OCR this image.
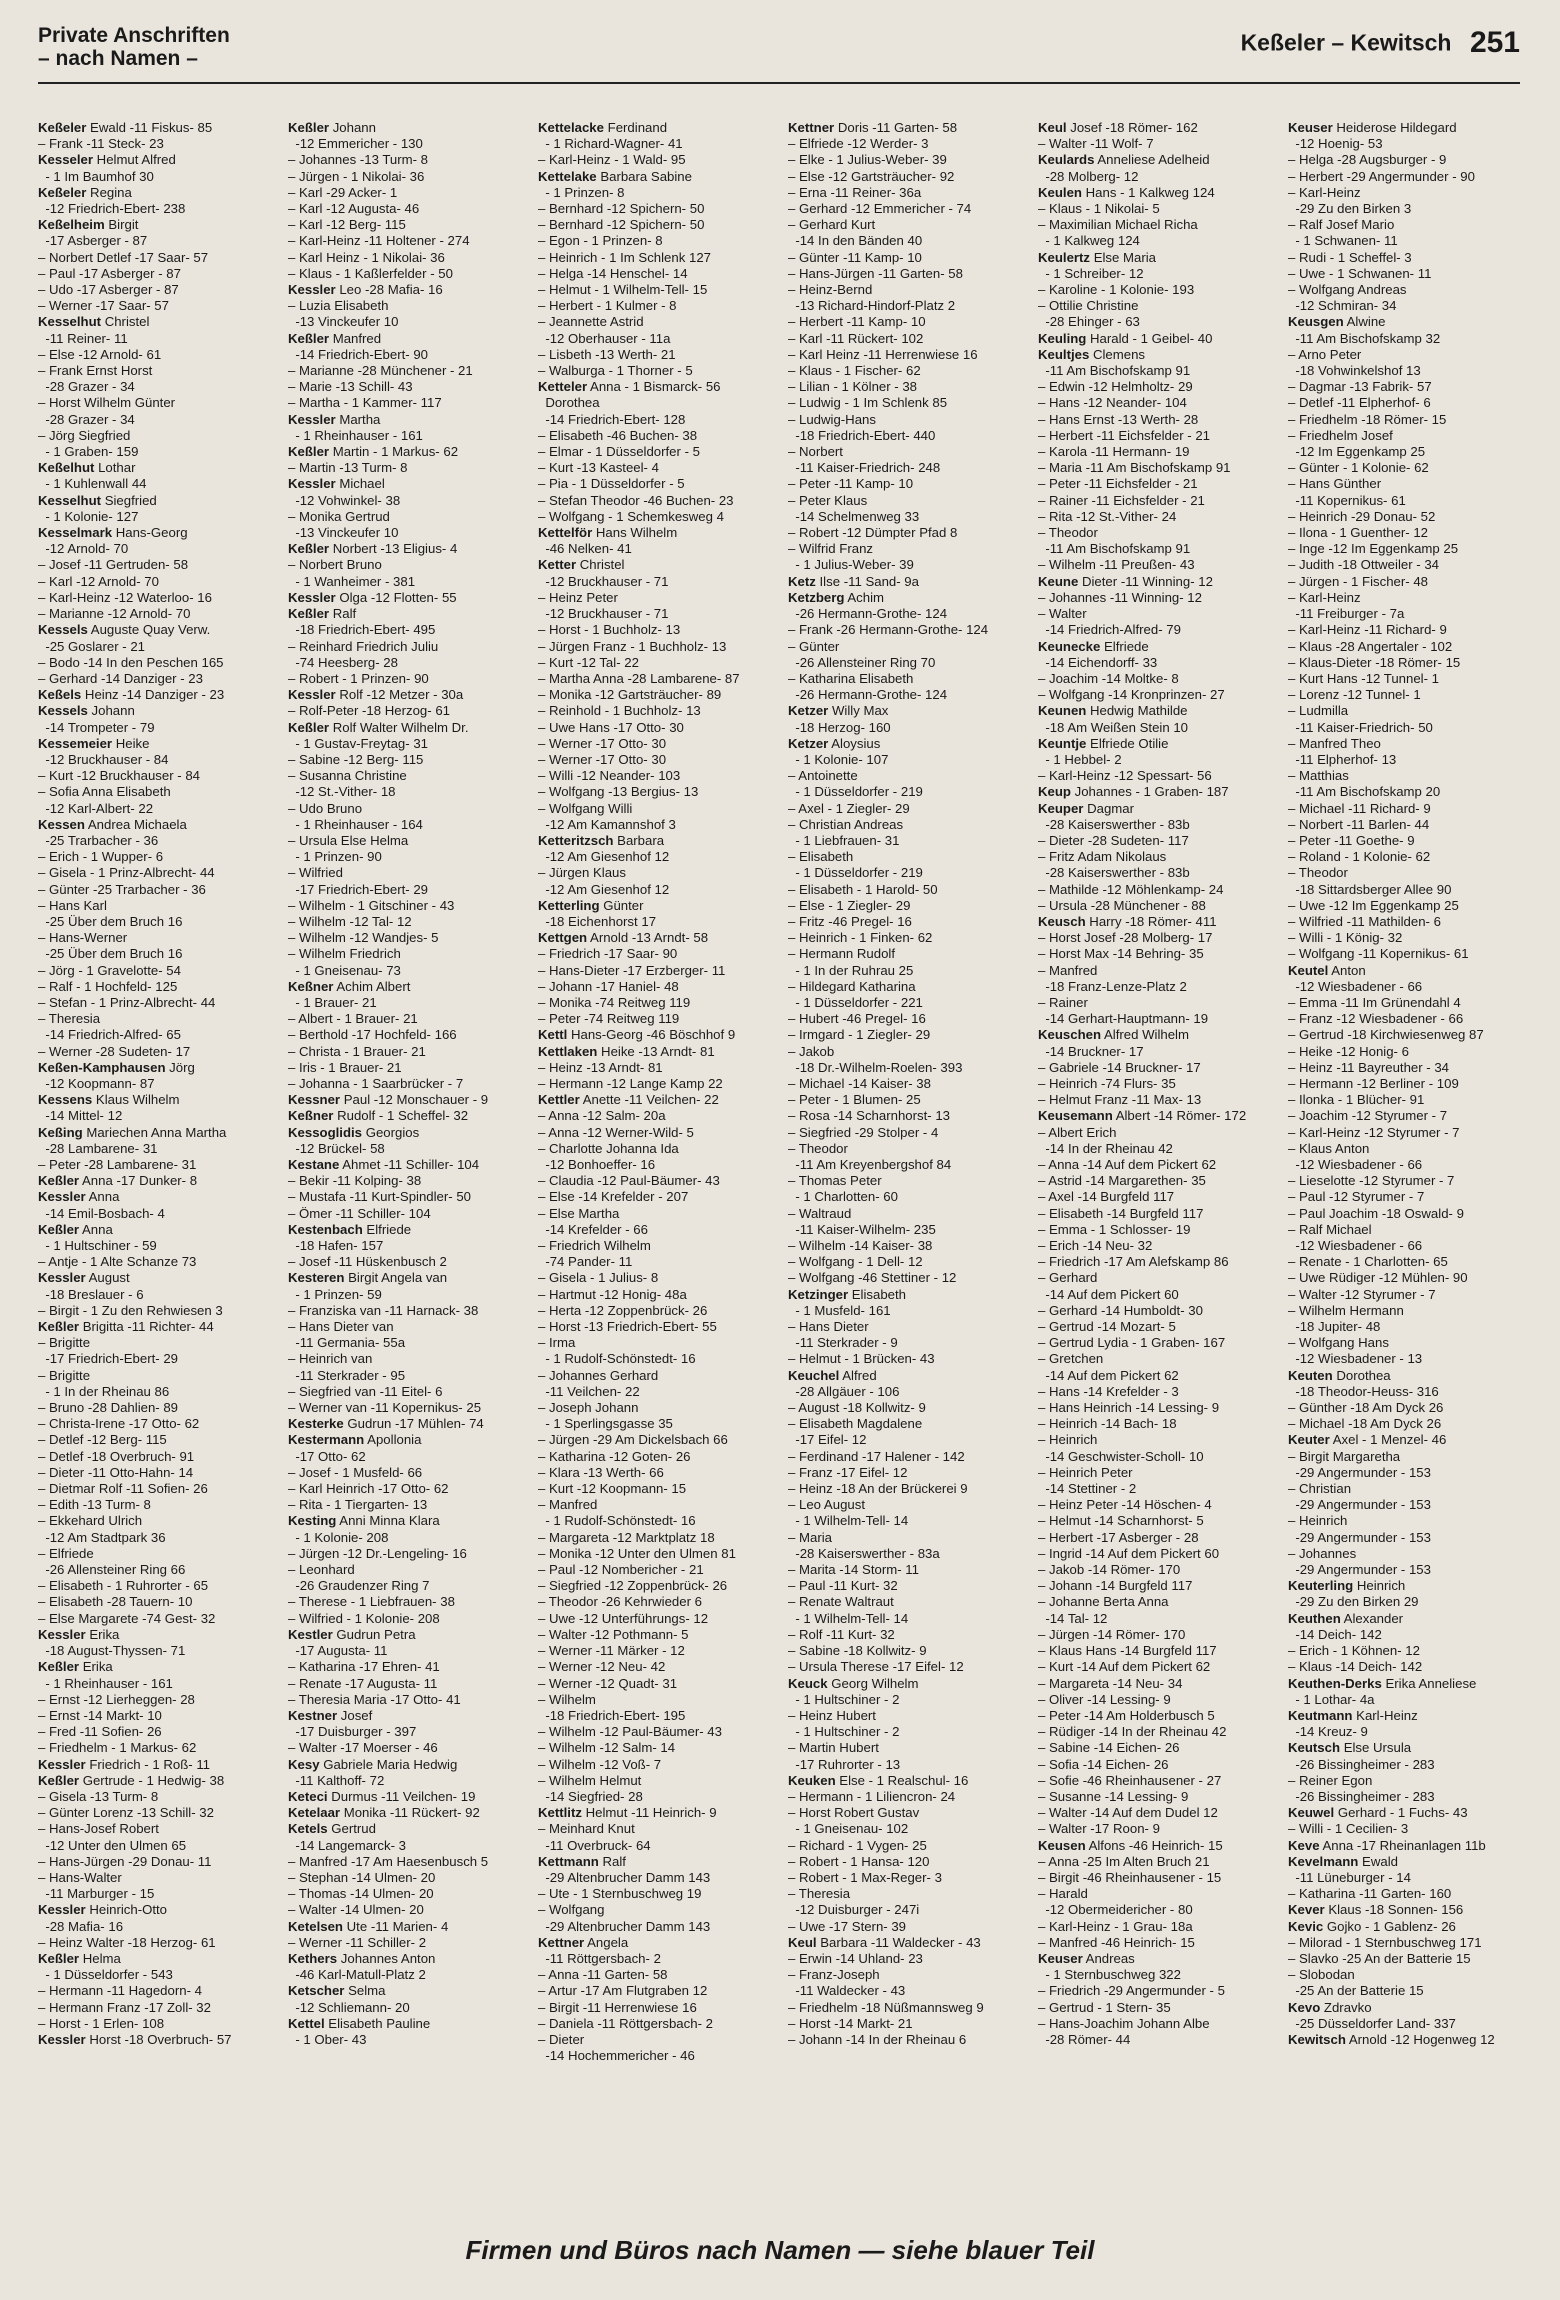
Private Anschriften
– nach Namen –
Keßeler – Kewitsch 251
Keßeler Ewald -11 Fiskus- 85
– Frank -11 Steck- 23
Kesseler Helmut Alfred
- 1 Im Baumhof 30
Keßeler Regina
-12 Friedrich-Ebert- 238
Keßelheim Birgit
-17 Asberger - 87
– Norbert Detlef -17 Saar- 57
– Paul -17 Asberger - 87
– Udo -17 Asberger - 87
– Werner -17 Saar- 57
Kesselhut Christel
-11 Reiner- 11
– Else -12 Arnold- 61
– Frank Ernst Horst
-28 Grazer - 34
– Horst Wilhelm Günter
-28 Grazer - 34
– Jörg Siegfried
- 1 Graben- 159
Keßelhut Lothar
- 1 Kuhlenwall 44
Kesselhut Siegfried
- 1 Kolonie- 127
Kesselmark Hans-Georg
-12 Arnold- 70
– Josef -11 Gertruden- 58
– Karl -12 Arnold- 70
– Karl-Heinz -12 Waterloo- 16
– Marianne -12 Arnold- 70
Kessels Auguste Quay Verw.
-25 Goslarer - 21
– Bodo -14 In den Peschen 165
– Gerhard -14 Danziger - 23
Keßels Heinz -14 Danziger - 23
Kessels Johann
-14 Trompeter - 79
Kessemeier Heike
-12 Bruckhauser - 84
– Kurt -12 Bruckhauser - 84
– Sofia Anna Elisabeth
-12 Karl-Albert- 22
Kessen Andrea Michaela
-25 Trarbacher - 36
– Erich - 1 Wupper- 6
– Gisela - 1 Prinz-Albrecht- 44
– Günter -25 Trarbacher - 36
– Hans Karl
-25 Über dem Bruch 16
– Hans-Werner
-25 Über dem Bruch 16
– Jörg - 1 Gravelotte- 54
– Ralf - 1 Hochfeld- 125
– Stefan - 1 Prinz-Albrecht- 44
– Theresia
-14 Friedrich-Alfred- 65
– Werner -28 Sudeten- 17
Keßen-Kamphausen Jörg
-12 Koopmann- 87
Kessens Klaus Wilhelm
-14 Mittel- 12
Keßing Mariechen Anna Martha
-28 Lambarene- 31
– Peter -28 Lambarene- 31
Keßler Anna -17 Dunker- 8
Kessler Anna
-14 Emil-Bosbach- 4
Keßler Anna
- 1 Hultschiner - 59
– Antje - 1 Alte Schanze 73
Kessler August
-18 Breslauer - 6
– Birgit - 1 Zu den Rehwiesen 3
Keßler Brigitta -11 Richter- 44
– Brigitte
-17 Friedrich-Ebert- 29
– Brigitte
- 1 In der Rheinau 86
– Bruno -28 Dahlien- 89
– Christa-Irene -17 Otto- 62
– Detlef -12 Berg- 115
– Detlef -18 Overbruch- 91
– Dieter -11 Otto-Hahn- 14
– Dietmar Rolf -11 Sofien- 26
– Edith -13 Turm- 8
– Ekkehard Ulrich
-12 Am Stadtpark 36
– Elfriede
-26 Allensteiner Ring 66
– Elisabeth - 1 Ruhrorter - 65
– Elisabeth -28 Tauern- 10
– Else Margarete -74 Gest- 32
Kessler Erika
-18 August-Thyssen- 71
Keßler Erika
- 1 Rheinhauser - 161
– Ernst -12 Lierheggen- 28
– Ernst -14 Markt- 10
– Fred -11 Sofien- 26
– Friedhelm - 1 Markus- 62
Kessler Friedrich - 1 Roß- 11
Keßler Gertrude - 1 Hedwig- 38
– Gisela -13 Turm- 8
– Günter Lorenz -13 Schill- 32
– Hans-Josef Robert
-12 Unter den Ulmen 65
– Hans-Jürgen -29 Donau- 11
– Hans-Walter
-11 Marburger - 15
Kessler Heinrich-Otto
-28 Mafia- 16
– Heinz Walter -18 Herzog- 61
Keßler Helma
- 1 Düsseldorfer - 543
– Hermann -11 Hagedorn- 4
– Hermann Franz -17 Zoll- 32
– Horst - 1 Erlen- 108
Kessler Horst -18 Overbruch- 57
Keßler Johann
-12 Emmericher - 130
– Johannes -13 Turm- 8
– Jürgen - 1 Nikolai- 36
– Karl -29 Acker- 1
– Karl -12 Augusta- 46
– Karl -12 Berg- 115
– Karl-Heinz -11 Holtener - 274
– Karl Heinz - 1 Nikolai- 36
– Klaus - 1 Kaßlerfelder - 50
Kessler Leo -28 Mafia- 16
– Luzia Elisabeth
-13 Vinckeufer 10
Keßler Manfred
-14 Friedrich-Ebert- 90
– Marianne -28 Münchener - 21
– Marie -13 Schill- 43
– Martha - 1 Kammer- 117
Kessler Martha
- 1 Rheinhauser - 161
Keßler Martin - 1 Markus- 62
– Martin -13 Turm- 8
Kessler Michael
-12 Vohwinkel- 38
– Monika Gertrud
-13 Vinckeufer 10
Keßler Norbert -13 Eligius- 4
– Norbert Bruno
- 1 Wanheimer - 381
Kessler Olga -12 Flotten- 55
Keßler Ralf
-18 Friedrich-Ebert- 495
– Reinhard Friedrich Juliu
-74 Heesberg- 28
– Robert - 1 Prinzen- 90
Kessler Rolf -12 Metzer - 30a
– Rolf-Peter -18 Herzog- 61
Keßler Rolf Walter Wilhelm Dr.
- 1 Gustav-Freytag- 31
– Sabine -12 Berg- 115
– Susanna Christine
-12 St.-Vither- 18
– Udo Bruno
- 1 Rheinhauser - 164
– Ursula Else Helma
- 1 Prinzen- 90
– Wilfried
-17 Friedrich-Ebert- 29
– Wilhelm - 1 Gitschiner - 43
– Wilhelm -12 Tal- 12
– Wilhelm -12 Wandjes- 5
– Wilhelm Friedrich
- 1 Gneisenau- 73
Keßner Achim Albert
- 1 Brauer- 21
– Albert - 1 Brauer- 21
– Berthold -17 Hochfeld- 166
– Christa - 1 Brauer- 21
– Iris - 1 Brauer- 21
– Johanna - 1 Saarbrücker - 7
Kessner Paul -12 Monschauer - 9
Keßner Rudolf - 1 Scheffel- 32
Kessoglidis Georgios
-12 Brückel- 58
Kestane Ahmet -11 Schiller- 104
– Bekir -11 Kolping- 38
– Mustafa -11 Kurt-Spindler- 50
– Ömer -11 Schiller- 104
Kestenbach Elfriede
-18 Hafen- 157
– Josef -11 Hüskenbusch 2
Kesteren Birgit Angela van
- 1 Prinzen- 59
– Franziska van -11 Harnack- 38
– Hans Dieter van
-11 Germania- 55a
– Heinrich van
-11 Sterkrader - 95
– Siegfried van -11 Eitel- 6
– Werner van -11 Kopernikus- 25
Kesterke Gudrun -17 Mühlen- 74
Kestermann Apollonia
-17 Otto- 62
– Josef - 1 Musfeld- 66
– Karl Heinrich -17 Otto- 62
– Rita - 1 Tiergarten- 13
Kesting Anni Minna Klara
- 1 Kolonie- 208
– Jürgen -12 Dr.-Lengeling- 16
– Leonhard
-26 Graudenzer Ring 7
– Therese - 1 Liebfrauen- 38
– Wilfried - 1 Kolonie- 208
Kestler Gudrun Petra
-17 Augusta- 11
– Katharina -17 Ehren- 41
– Renate -17 Augusta- 11
– Theresia Maria -17 Otto- 41
Kestner Josef
-17 Duisburger - 397
– Walter -17 Moerser - 46
Kesy Gabriele Maria Hedwig
-11 Kalthoff- 72
Keteci Durmus -11 Veilchen- 19
Ketelaar Monika -11 Rückert- 92
Ketels Gertrud
-14 Langemarck- 3
– Manfred -17 Am Haesenbusch 5
– Stephan -14 Ulmen- 20
– Thomas -14 Ulmen- 20
– Walter -14 Ulmen- 20
Ketelsen Ute -11 Marien- 4
– Werner -11 Schiller- 2
Kethers Johannes Anton
-46 Karl-Matull-Platz 2
Ketscher Selma
-12 Schliemann- 20
Kettel Elisabeth Pauline
- 1 Ober- 43
Kettelacke Ferdinand
- 1 Richard-Wagner- 41
– Karl-Heinz - 1 Wald- 95
Kettelake Barbara Sabine
- 1 Prinzen- 8
– Bernhard -12 Spichern- 50
– Bernhard -12 Spichern- 50
– Egon - 1 Prinzen- 8
– Heinrich - 1 Im Schlenk 127
– Helga -14 Henschel- 14
– Helmut - 1 Wilhelm-Tell- 15
– Herbert - 1 Kulmer - 8
– Jeannette Astrid
-12 Oberhauser - 11a
– Lisbeth -13 Werth- 21
– Walburga - 1 Thorner - 5
Ketteler Anna - 1 Bismarck- 56
Dorothea
-14 Friedrich-Ebert- 128
– Elisabeth -46 Buchen- 38
– Elmar - 1 Düsseldorfer - 5
– Kurt -13 Kasteel- 4
– Pia - 1 Düsseldorfer - 5
– Stefan Theodor -46 Buchen- 23
– Wolfgang - 1 Schemkesweg 4
Kettelför Hans Wilhelm
-46 Nelken- 41
Ketter Christel
-12 Bruckhauser - 71
– Heinz Peter
-12 Bruckhauser - 71
– Horst - 1 Buchholz- 13
– Jürgen Franz - 1 Buchholz- 13
– Kurt -12 Tal- 22
– Martha Anna -28 Lambarene- 87
– Monika -12 Gartsträucher- 89
– Reinhold - 1 Buchholz- 13
– Uwe Hans -17 Otto- 30
– Werner -17 Otto- 30
– Werner -17 Otto- 30
– Willi -12 Neander- 103
– Wolfgang -13 Bergius- 13
– Wolfgang Willi
-12 Am Kamannshof 3
Ketteritzsch Barbara
-12 Am Giesenhof 12
– Jürgen Klaus
-12 Am Giesenhof 12
Ketterling Günter
-18 Eichenhorst 17
Kettgen Arnold -13 Arndt- 58
– Friedrich -17 Saar- 90
– Hans-Dieter -17 Erzberger- 11
– Johann -17 Haniel- 48
– Monika -74 Reitweg 119
– Peter -74 Reitweg 119
Kettl Hans-Georg -46 Böschhof 9
Kettlaken Heike -13 Arndt- 81
– Heinz -13 Arndt- 81
– Hermann -12 Lange Kamp 22
Kettler Anette -11 Veilchen- 22
– Anna -12 Salm- 20a
– Anna -12 Werner-Wild- 5
– Charlotte Johanna Ida
-12 Bonhoeffer- 16
– Claudia -12 Paul-Bäumer- 43
– Else -14 Krefelder - 207
– Else Martha
-14 Krefelder - 66
– Friedrich Wilhelm
-74 Pander- 11
– Gisela - 1 Julius- 8
– Hartmut -12 Honig- 48a
– Herta -12 Zoppenbrück- 26
– Horst -13 Friedrich-Ebert- 55
– Irma
- 1 Rudolf-Schönstedt- 16
– Johannes Gerhard
-11 Veilchen- 22
– Joseph Johann
- 1 Sperlingsgasse 35
– Jürgen -29 Am Dickelsbach 66
– Katharina -12 Goten- 26
– Klara -13 Werth- 66
– Kurt -12 Koopmann- 15
– Manfred
- 1 Rudolf-Schönstedt- 16
– Margareta -12 Marktplatz 18
– Monika -12 Unter den Ulmen 81
– Paul -12 Nombericher - 21
– Siegfried -12 Zoppenbrück- 26
– Theodor -26 Kehrwieder 6
– Uwe -12 Unterführungs- 12
– Walter -12 Pothmann- 5
– Werner -11 Märker - 12
– Werner -12 Neu- 42
– Werner -12 Quadt- 31
– Wilhelm
-18 Friedrich-Ebert- 195
– Wilhelm -12 Paul-Bäumer- 43
– Wilhelm -12 Salm- 14
– Wilhelm -12 Voß- 7
– Wilhelm Helmut
-14 Siegfried- 28
Kettlitz Helmut -11 Heinrich- 9
– Meinhard Knut
-11 Overbruck- 64
Kettmann Ralf
-29 Altenbrucher Damm 143
– Ute - 1 Sternbuschweg 19
– Wolfgang
-29 Altenbrucher Damm 143
Kettner Angela
-11 Röttgersbach- 2
– Anna -11 Garten- 58
– Artur -17 Am Flutgraben 12
– Birgit -11 Herrenwiese 16
– Daniela -11 Röttgersbach- 2
– Dieter
-14 Hochemmericher - 46
Kettner Doris -11 Garten- 58
– Elfriede -12 Werder- 3
– Elke - 1 Julius-Weber- 39
– Else -12 Gartsträucher- 92
– Erna -11 Reiner- 36a
– Gerhard -12 Emmericher - 74
– Gerhard Kurt
-14 In den Bänden 40
– Günter -11 Kamp- 10
– Hans-Jürgen -11 Garten- 58
– Heinz-Bernd
-13 Richard-Hindorf-Platz 2
– Herbert -11 Kamp- 10
– Karl -11 Rückert- 102
– Karl Heinz -11 Herrenwiese 16
– Klaus - 1 Fischer- 62
– Lilian - 1 Kölner - 38
– Ludwig - 1 Im Schlenk 85
– Ludwig-Hans
-18 Friedrich-Ebert- 440
– Norbert
-11 Kaiser-Friedrich- 248
– Peter -11 Kamp- 10
– Peter Klaus
-14 Schelmenweg 33
– Robert -12 Dümpter Pfad 8
– Wilfrid Franz
- 1 Julius-Weber- 39
Ketz Ilse -11 Sand- 9a
Ketzberg Achim
-26 Hermann-Grothe- 124
– Frank -26 Hermann-Grothe- 124
– Günter
-26 Allensteiner Ring 70
– Katharina Elisabeth
-26 Hermann-Grothe- 124
Ketzer Willy Max
-18 Herzog- 160
Ketzer Aloysius
- 1 Kolonie- 107
– Antoinette
- 1 Düsseldorfer - 219
– Axel - 1 Ziegler- 29
– Christian Andreas
- 1 Liebfrauen- 31
– Elisabeth
- 1 Düsseldorfer - 219
– Elisabeth - 1 Harold- 50
– Else - 1 Ziegler- 29
– Fritz -46 Pregel- 16
– Heinrich - 1 Finken- 62
– Hermann Rudolf
- 1 In der Ruhrau 25
– Hildegard Katharina
- 1 Düsseldorfer - 221
– Hubert -46 Pregel- 16
– Irmgard - 1 Ziegler- 29
– Jakob
-18 Dr.-Wilhelm-Roelen- 393
– Michael -14 Kaiser- 38
– Peter - 1 Blumen- 25
– Rosa -14 Scharnhorst- 13
– Siegfried -29 Stolper - 4
– Theodor
-11 Am Kreyenbergshof 84
– Thomas Peter
- 1 Charlotten- 60
– Waltraud
-11 Kaiser-Wilhelm- 235
– Wilhelm -14 Kaiser- 38
– Wolfgang - 1 Dell- 12
– Wolfgang -46 Stettiner - 12
Ketzinger Elisabeth
- 1 Musfeld- 161
– Hans Dieter
-11 Sterkrader - 9
– Helmut - 1 Brücken- 43
Keuchel Alfred
-28 Allgäuer - 106
– August -18 Kollwitz- 9
– Elisabeth Magdalene
-17 Eifel- 12
– Ferdinand -17 Halener - 142
– Franz -17 Eifel- 12
– Heinz -18 An der Brückerei 9
– Leo August
- 1 Wilhelm-Tell- 14
– Maria
-28 Kaiserswerther - 83a
– Marita -14 Storm- 11
– Paul -11 Kurt- 32
– Renate Waltraut
- 1 Wilhelm-Tell- 14
– Rolf -11 Kurt- 32
– Sabine -18 Kollwitz- 9
– Ursula Therese -17 Eifel- 12
Keuck Georg Wilhelm
- 1 Hultschiner - 2
– Heinz Hubert
- 1 Hultschiner - 2
– Martin Hubert
-17 Ruhrorter - 13
Keuken Else - 1 Realschul- 16
– Hermann - 1 Liliencron- 24
– Horst Robert Gustav
- 1 Gneisenau- 102
– Richard - 1 Vygen- 25
– Robert - 1 Hansa- 120
– Robert - 1 Max-Reger- 3
– Theresia
-12 Duisburger - 247i
– Uwe -17 Stern- 39
Keul Barbara -11 Waldecker - 43
– Erwin -14 Uhland- 23
– Franz-Joseph
-11 Waldecker - 43
– Friedhelm -18 Nüßmannsweg 9
– Horst -14 Markt- 21
– Johann -14 In der Rheinau 6
Keul Josef -18 Römer- 162
– Walter -11 Wolf- 7
Keulards Anneliese Adelheid
-28 Molberg- 12
Keulen Hans - 1 Kalkweg 124
– Klaus - 1 Nikolai- 5
– Maximilian Michael Richa
- 1 Kalkweg 124
Keulertz Else Maria
- 1 Schreiber- 12
– Karoline - 1 Kolonie- 193
– Ottilie Christine
-28 Ehinger - 63
Keuling Harald - 1 Geibel- 40
Keultjes Clemens
-11 Am Bischofskamp 91
– Edwin -12 Helmholtz- 29
– Hans -12 Neander- 104
– Hans Ernst -13 Werth- 28
– Herbert -11 Eichsfelder - 21
– Karola -11 Hermann- 19
– Maria -11 Am Bischofskamp 91
– Peter -11 Eichsfelder - 21
– Rainer -11 Eichsfelder - 21
– Rita -12 St.-Vither- 24
– Theodor
-11 Am Bischofskamp 91
– Wilhelm -11 Preußen- 43
Keune Dieter -11 Winning- 12
– Johannes -11 Winning- 12
– Walter
-14 Friedrich-Alfred- 79
Keunecke Elfriede
-14 Eichendorff- 33
– Joachim -14 Moltke- 8
– Wolfgang -14 Kronprinzen- 27
Keunen Hedwig Mathilde
-18 Am Weißen Stein 10
Keuntje Elfriede Otilie
- 1 Hebbel- 2
– Karl-Heinz -12 Spessart- 56
Keup Johannes - 1 Graben- 187
Keuper Dagmar
-28 Kaiserswerther - 83b
– Dieter -28 Sudeten- 117
– Fritz Adam Nikolaus
-28 Kaiserswerther - 83b
– Mathilde -12 Möhlenkamp- 24
– Ursula -28 Münchener - 88
Keusch Harry -18 Römer- 411
– Horst Josef -28 Molberg- 17
– Horst Max -14 Behring- 35
– Manfred
-18 Franz-Lenze-Platz 2
– Rainer
-14 Gerhart-Hauptmann- 19
Keuschen Alfred Wilhelm
-14 Bruckner- 17
– Gabriele -14 Bruckner- 17
– Heinrich -74 Flurs- 35
– Helmut Franz -11 Max- 13
Keusemann Albert -14 Römer- 172
– Albert Erich
-14 In der Rheinau 42
– Anna -14 Auf dem Pickert 62
– Astrid -14 Margarethen- 35
– Axel -14 Burgfeld 117
– Elisabeth -14 Burgfeld 117
– Emma - 1 Schlosser- 19
– Erich -14 Neu- 32
– Friedrich -17 Am Alefskamp 86
– Gerhard
-14 Auf dem Pickert 60
– Gerhard -14 Humboldt- 30
– Gertrud -14 Mozart- 5
– Gertrud Lydia - 1 Graben- 167
– Gretchen
-14 Auf dem Pickert 62
– Hans -14 Krefelder - 3
– Hans Heinrich -14 Lessing- 9
– Heinrich -14 Bach- 18
– Heinrich
-14 Geschwister-Scholl- 10
– Heinrich Peter
-14 Stettiner - 2
– Heinz Peter -14 Höschen- 4
– Helmut -14 Scharnhorst- 5
– Herbert -17 Asberger - 28
– Ingrid -14 Auf dem Pickert 60
– Jakob -14 Römer- 170
– Johann -14 Burgfeld 117
– Johanne Berta Anna
-14 Tal- 12
– Jürgen -14 Römer- 170
– Klaus Hans -14 Burgfeld 117
– Kurt -14 Auf dem Pickert 62
– Margareta -14 Neu- 34
– Oliver -14 Lessing- 9
– Peter -14 Am Holderbusch 5
– Rüdiger -14 In der Rheinau 42
– Sabine -14 Eichen- 26
– Sofia -14 Eichen- 26
– Sofie -46 Rheinhausener - 27
– Susanne -14 Lessing- 9
– Walter -14 Auf dem Dudel 12
– Walter -17 Roon- 9
Keusen Alfons -46 Heinrich- 15
– Anna -25 Im Alten Bruch 21
– Birgit -46 Rheinhausener - 15
– Harald
-12 Obermeidericher - 80
– Karl-Heinz - 1 Grau- 18a
– Manfred -46 Heinrich- 15
Keuser Andreas
- 1 Sternbuschweg 322
– Friedrich -29 Angermunder - 5
– Gertrud - 1 Stern- 35
– Hans-Joachim Johann Albe
-28 Römer- 44
Keuser Heiderose Hildegard
-12 Hoenig- 53
– Helga -28 Augsburger - 9
– Herbert -29 Angermunder - 90
– Karl-Heinz
-29 Zu den Birken 3
– Ralf Josef Mario
- 1 Schwanen- 11
– Rudi - 1 Scheffel- 3
– Uwe - 1 Schwanen- 11
– Wolfgang Andreas
-12 Schmiran- 34
Keusgen Alwine
-11 Am Bischofskamp 32
– Arno Peter
-18 Vohwinkelshof 13
– Dagmar -13 Fabrik- 57
– Detlef -11 Elpherhof- 6
– Friedhelm -18 Römer- 15
– Friedhelm Josef
-12 Im Eggenkamp 25
– Günter - 1 Kolonie- 62
– Hans Günther
-11 Kopernikus- 61
– Heinrich -29 Donau- 52
– Ilona - 1 Guenther- 12
– Inge -12 Im Eggenkamp 25
– Judith -18 Ottweiler - 34
– Jürgen - 1 Fischer- 48
– Karl-Heinz
-11 Freiburger - 7a
– Karl-Heinz -11 Richard- 9
– Klaus -28 Angertaler - 102
– Klaus-Dieter -18 Römer- 15
– Kurt Hans -12 Tunnel- 1
– Lorenz -12 Tunnel- 1
– Ludmilla
-11 Kaiser-Friedrich- 50
– Manfred Theo
-11 Elpherhof- 13
– Matthias
-11 Am Bischofskamp 20
– Michael -11 Richard- 9
– Norbert -11 Barlen- 44
– Peter -11 Goethe- 9
– Roland - 1 Kolonie- 62
– Theodor
-18 Sittardsberger Allee 90
– Uwe -12 Im Eggenkamp 25
– Wilfried -11 Mathilden- 6
– Willi - 1 König- 32
– Wolfgang -11 Kopernikus- 61
Keutel Anton
-12 Wiesbadener - 66
– Emma -11 Im Grünendahl 4
– Franz -12 Wiesbadener - 66
– Gertrud -18 Kirchwiesenweg 87
– Heike -12 Honig- 6
– Heinz -11 Bayreuther - 34
– Hermann -12 Berliner - 109
– Ilonka - 1 Blücher- 91
– Joachim -12 Styrumer - 7
– Karl-Heinz -12 Styrumer - 7
– Klaus Anton
-12 Wiesbadener - 66
– Lieselotte -12 Styrumer - 7
– Paul -12 Styrumer - 7
– Paul Joachim -18 Oswald- 9
– Ralf Michael
-12 Wiesbadener - 66
– Renate - 1 Charlotten- 65
– Uwe Rüdiger -12 Mühlen- 90
– Walter -12 Styrumer - 7
– Wilhelm Hermann
-18 Jupiter- 48
– Wolfgang Hans
-12 Wiesbadener - 13
Keuten Dorothea
-18 Theodor-Heuss- 316
– Günther -18 Am Dyck 26
– Michael -18 Am Dyck 26
Keuter Axel - 1 Menzel- 46
– Birgit Margaretha
-29 Angermunder - 153
– Christian
-29 Angermunder - 153
– Heinrich
-29 Angermunder - 153
– Johannes
-29 Angermunder - 153
Keuterling Heinrich
-29 Zu den Birken 29
Keuthen Alexander
-14 Deich- 142
– Erich - 1 Köhnen- 12
– Klaus -14 Deich- 142
Keuthen-Derks Erika Anneliese
- 1 Lothar- 4a
Keutmann Karl-Heinz
-14 Kreuz- 9
Keutsch Else Ursula
-26 Bissingheimer - 283
– Reiner Egon
-26 Bissingheimer - 283
Keuwel Gerhard - 1 Fuchs- 43
– Willi - 1 Cecilien- 3
Keve Anna -17 Rheinanlagen 11b
Kevelmann Ewald
-11 Lüneburger - 14
– Katharina -11 Garten- 160
Kever Klaus -18 Sonnen- 156
Kevic Gojko - 1 Gablenz- 26
– Milorad - 1 Sternbuschweg 171
– Slavko -25 An der Batterie 15
– Slobodan
-25 An der Batterie 15
Kevo Zdravko
-25 Düsseldorfer Land- 337
Kewitsch Arnold -12 Hogenweg 12
Firmen und Büros nach Namen — siehe blauer Teil
